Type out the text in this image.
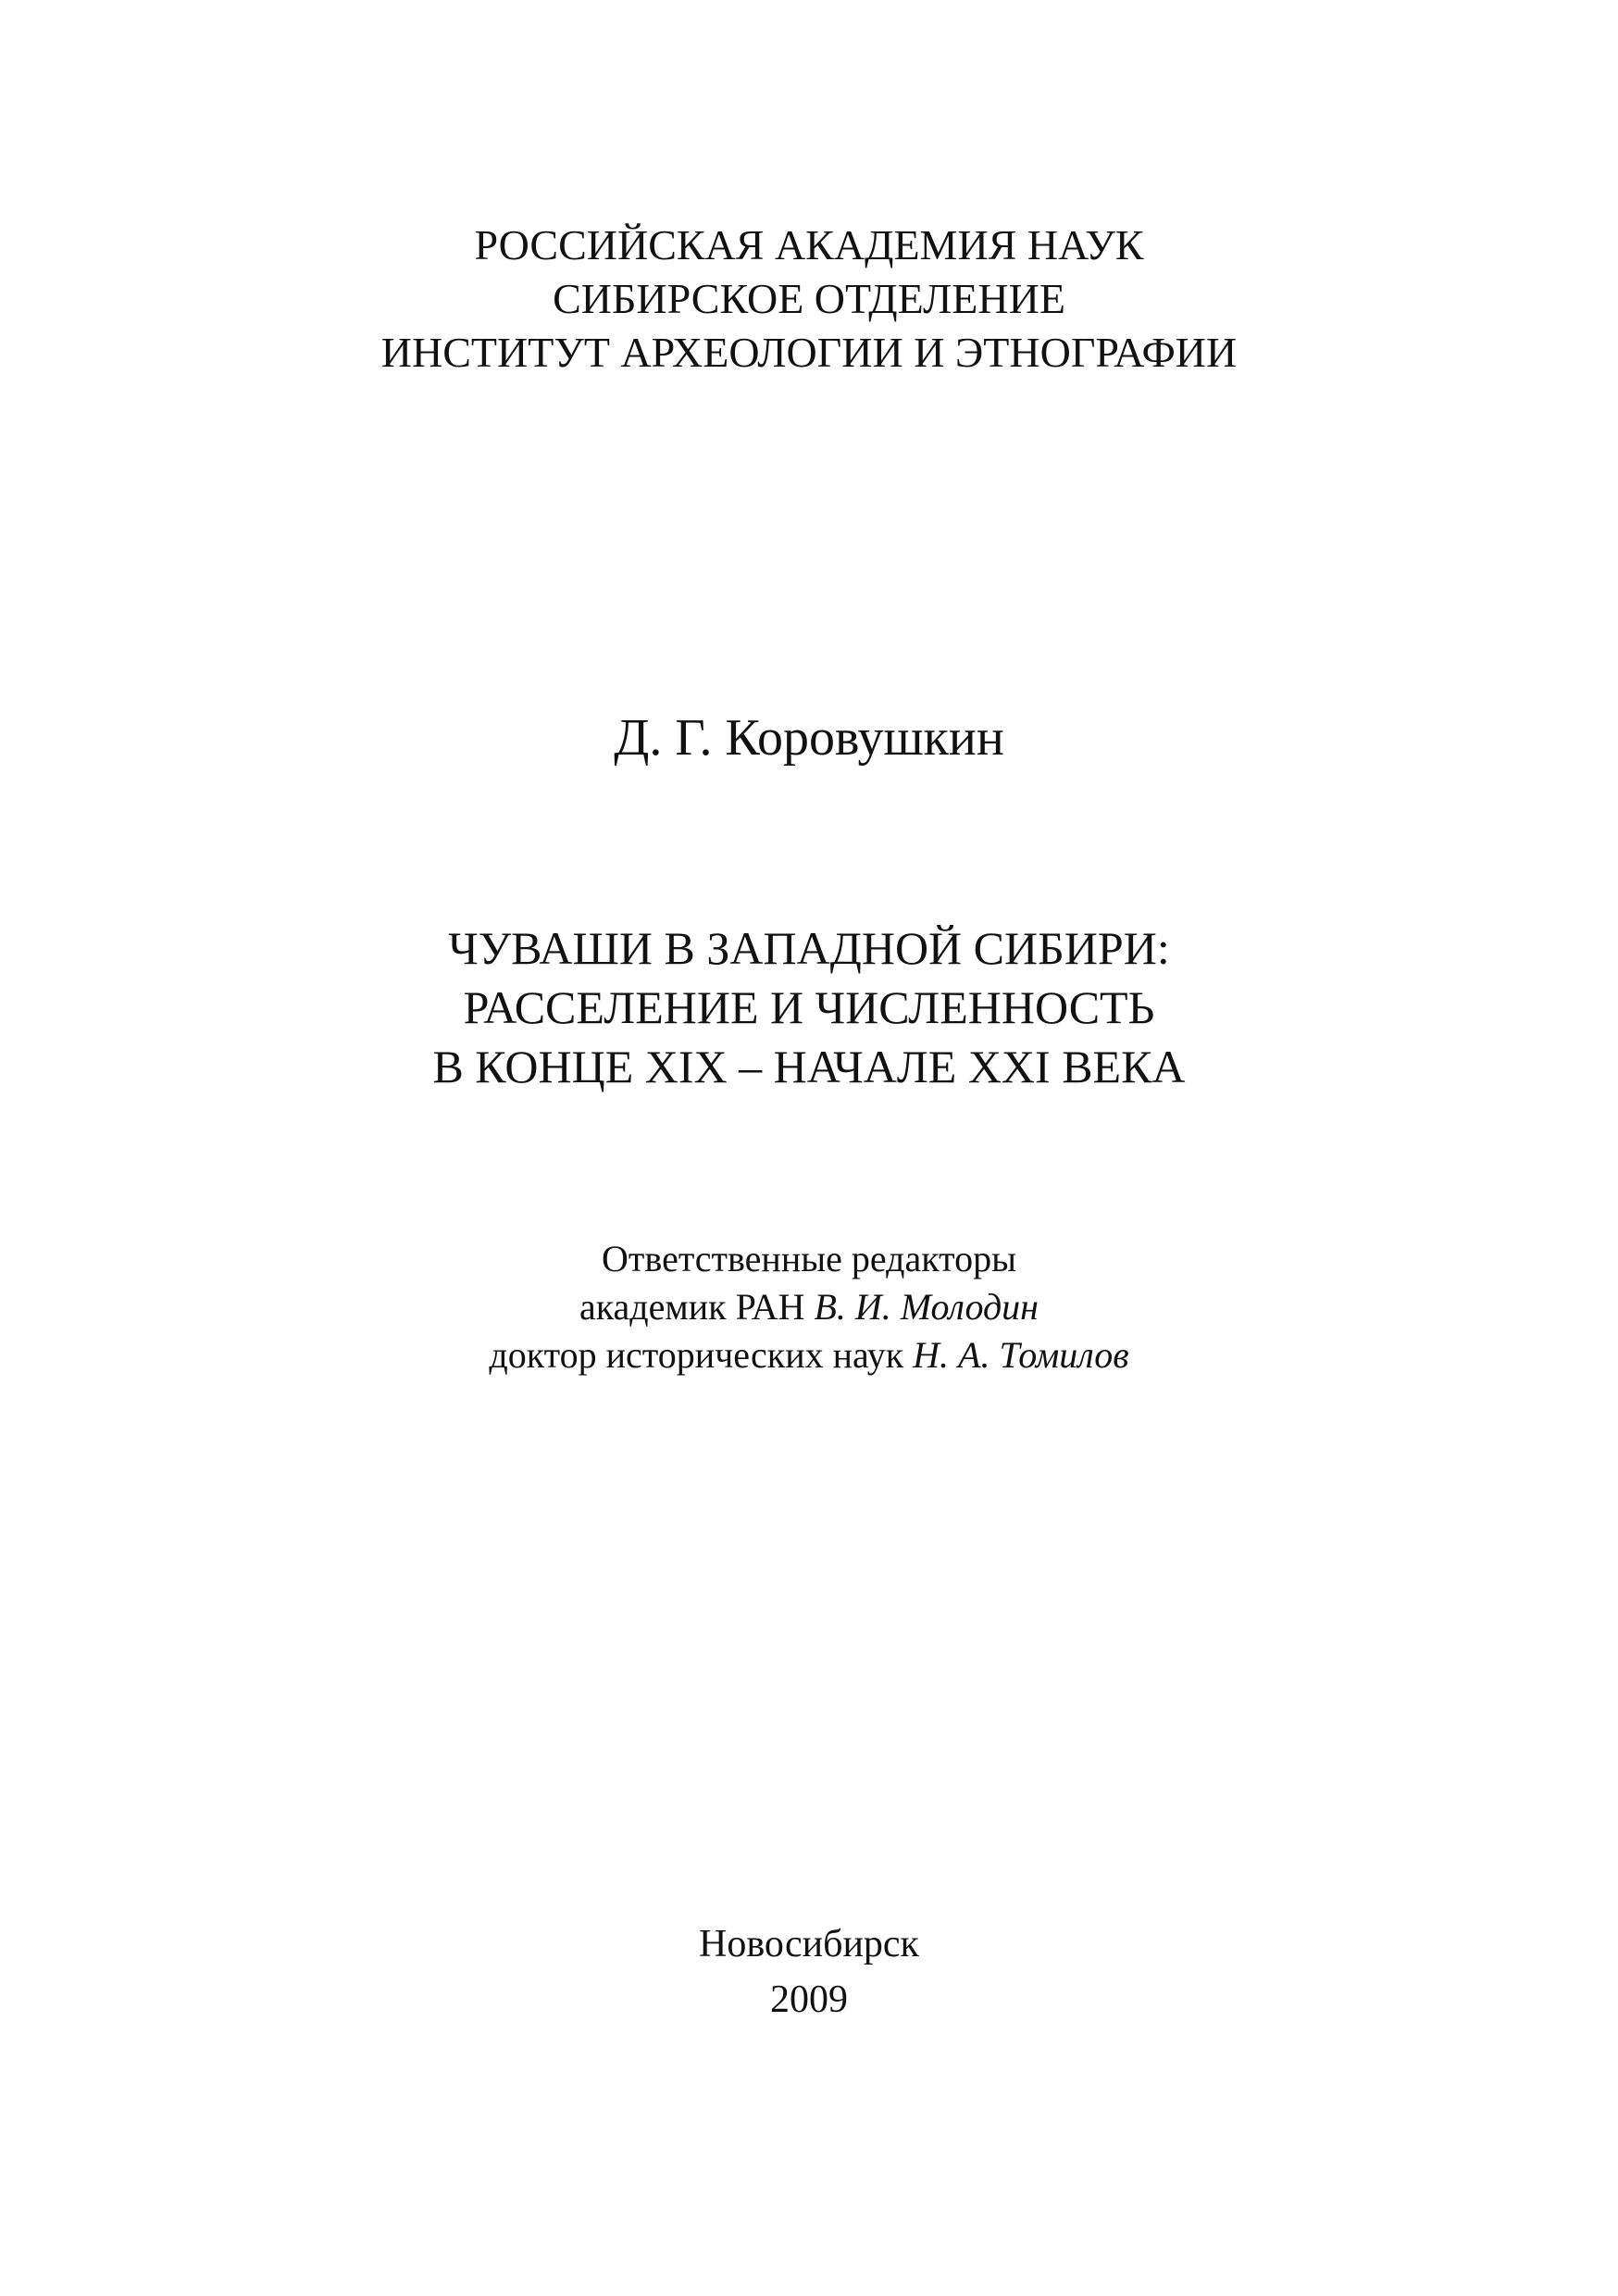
РОССИЙСКАЯ АКАДЕМИЯ НАУК
СИБИРСКОЕ ОТДЕЛЕНИЕ
ИНСТИТУТ АРХЕОЛОГИИ И ЭТНОГРАФИИ
Д. Г. Коровушкин
ЧУВАШИ В ЗАПАДНОЙ СИБИРИ:
РАССЕЛЕНИЕ И ЧИСЛЕННОСТЬ
В КОНЦЕ XIX – НАЧАЛЕ XXI ВЕКА
Ответственные редакторы
академик РАН В. И. Молодин
доктор исторических наук Н. А. Томилов
Новосибирск
2009
